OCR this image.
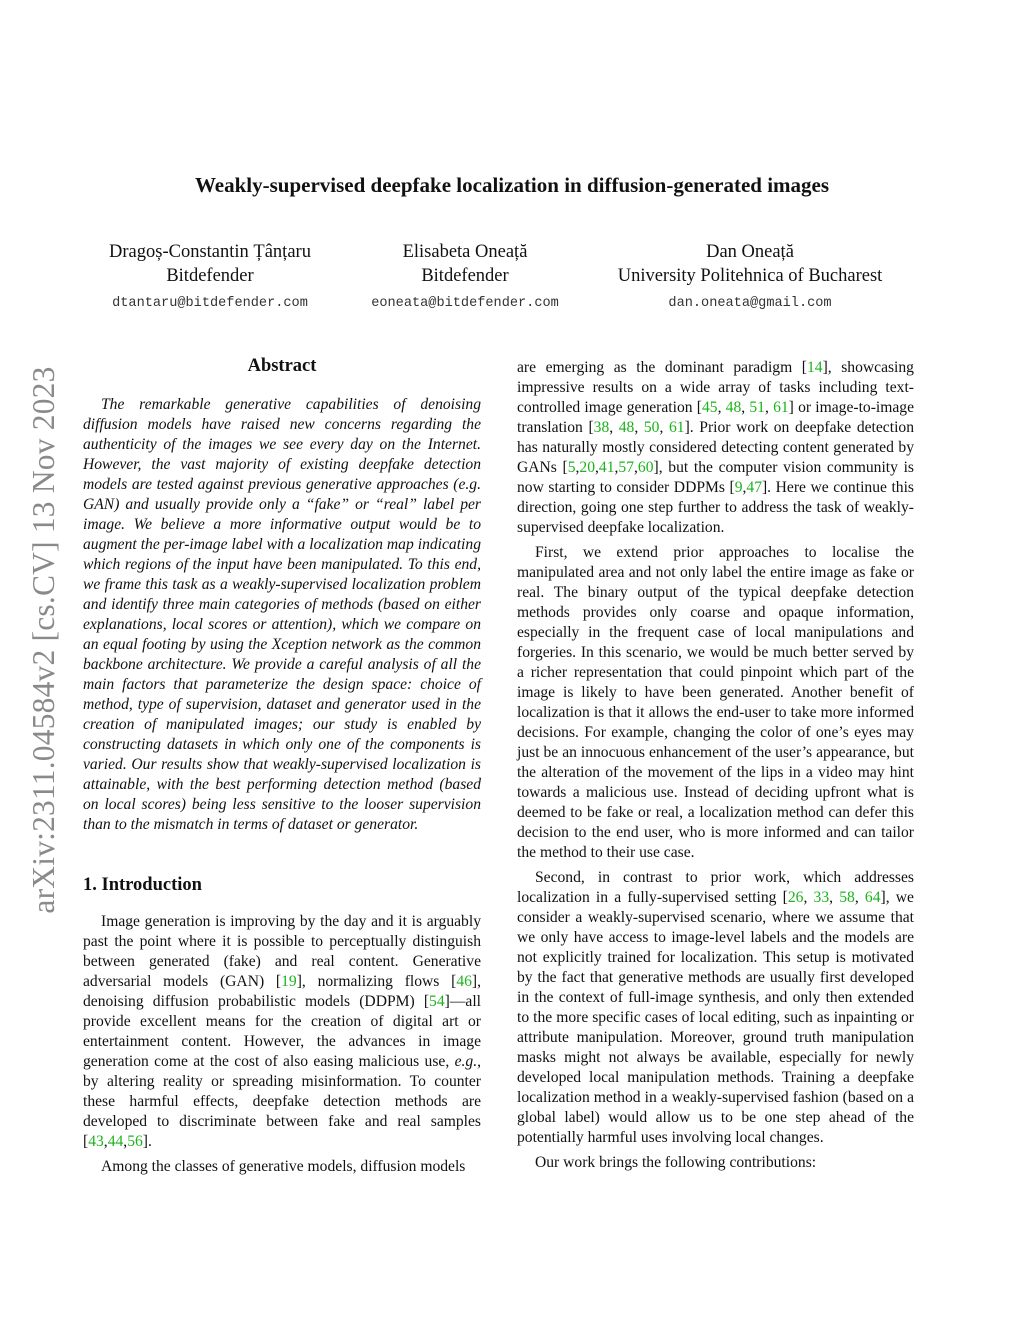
arXiv:2311.04584v2 [cs.CV] 13 Nov 2023
Weakly-supervised deepfake localization in diffusion-generated images
Dragoș-Constantin Țânțaru
Bitdefender
dtantaru@bitdefender.com
Elisabeta Oneață
Bitdefender
eoneata@bitdefender.com
Dan Oneață
University Politehnica of Bucharest
dan.oneata@gmail.com
Abstract

The remarkable generative capabilities of denoising diffusion models have raised new concerns regarding the authenticity of the images we see every day on the Internet. However, the vast majority of existing deepfake detection models are tested against previous generative approaches (e.g. GAN) and usually provide only a “fake” or “real” label per image. We believe a more informative output would be to augment the per-image label with a localization map indicating which regions of the input have been manipulated. To this end, we frame this task as a weakly-supervised localization problem and identify three main categories of methods (based on either explanations, local scores or attention), which we compare on an equal footing by using the Xception network as the common backbone architecture. We provide a careful analysis of all the main factors that parameterize the design space: choice of method, type of supervision, dataset and generator used in the creation of manipulated images; our study is enabled by constructing datasets in which only one of the components is varied. Our results show that weakly-supervised localization is attainable, with the best performing detection method (based on local scores) being less sensitive to the looser supervision than to the mismatch in terms of dataset or generator.

1. Introduction

Image generation is improving by the day and it is arguably past the point where it is possible to perceptually distinguish between generated (fake) and real content. Generative adversarial models (GAN) [19], normalizing flows [46], denoising diffusion probabilistic models (DDPM) [54]—all provide excellent means for the creation of digital art or entertainment content. However, the advances in image generation come at the cost of also easing malicious use, e.g., by altering reality or spreading misinformation. To counter these harmful effects, deepfake detection methods are developed to discriminate between fake and real samples [43,44,56].

Among the classes of generative models, diffusion models

are emerging as the dominant paradigm [14], showcasing impressive results on a wide array of tasks including text-controlled image generation [45, 48, 51, 61] or image-to-image translation [38, 48, 50, 61]. Prior work on deepfake detection has naturally mostly considered detecting content generated by GANs [5,20,41,57,60], but the computer vision community is now starting to consider DDPMs [9,47]. Here we continue this direction, going one step further to address the task of weakly-supervised deepfake localization.

First, we extend prior approaches to localise the manipulated area and not only label the entire image as fake or real. The binary output of the typical deepfake detection methods provides only coarse and opaque information, especially in the frequent case of local manipulations and forgeries. In this scenario, we would be much better served by a richer representation that could pinpoint which part of the image is likely to have been generated. Another benefit of localization is that it allows the end-user to take more informed decisions. For example, changing the color of one’s eyes may just be an innocuous enhancement of the user’s appearance, but the alteration of the movement of the lips in a video may hint towards a malicious use. Instead of deciding upfront what is deemed to be fake or real, a localization method can defer this decision to the end user, who is more informed and can tailor the method to their use case.

Second, in contrast to prior work, which addresses localization in a fully-supervised setting [26, 33, 58, 64], we consider a weakly-supervised scenario, where we assume that we only have access to image-level labels and the models are not explicitly trained for localization. This setup is motivated by the fact that generative methods are usually first developed in the context of full-image synthesis, and only then extended to the more specific cases of local editing, such as inpainting or attribute manipulation. Moreover, ground truth manipulation masks might not always be available, especially for newly developed local manipulation methods. Training a deepfake localization method in a weakly-supervised fashion (based on a global label) would allow us to be one step ahead of the potentially harmful uses involving local changes.

Our work brings the following contributions:
